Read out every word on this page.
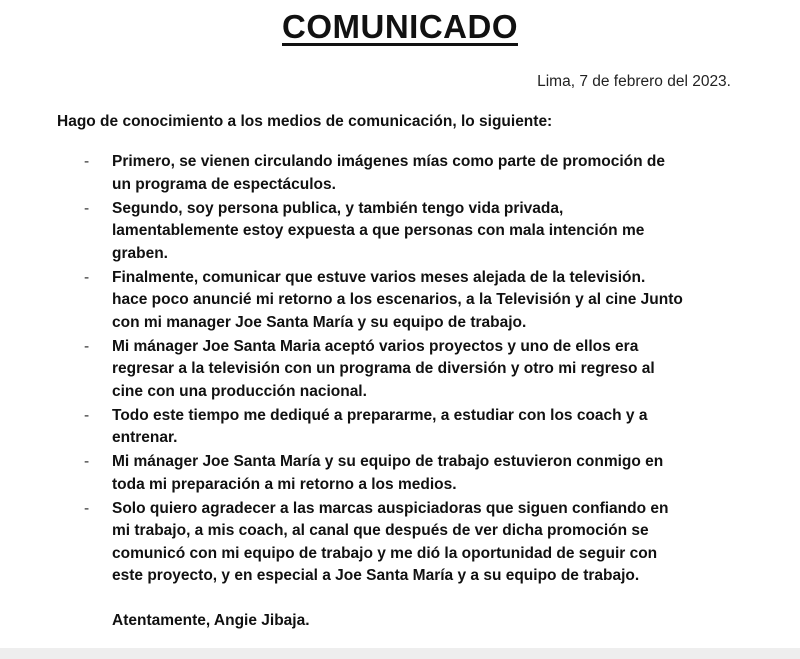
COMUNICADO
Lima, 7 de febrero del 2023.
Hago de conocimiento a los medios de comunicación, lo siguiente:
- Primero, se vienen circulando imágenes mías como parte de promoción de
un programa de espectáculos.
- Segundo, soy persona publica, y también tengo vida privada,
lamentablemente estoy expuesta a que personas con mala intención me
graben.
- Finalmente, comunicar que estuve varios meses alejada de la televisión.
hace poco anuncié mi retorno a los escenarios, a la Televisión y al cine Junto
con mi manager Joe Santa María y su equipo de trabajo.
- Mi mánager Joe Santa Maria aceptó varios proyectos y uno de ellos era
regresar a la televisión con un programa de diversión y otro mi regreso al
cine con una producción nacional.
- Todo este tiempo me dediqué a prepararme, a estudiar con los coach y a
entrenar.
- Mi mánager Joe Santa María y su equipo de trabajo estuvieron conmigo en
toda mi preparación a mi retorno a los medios.
- Solo quiero agradecer a las marcas auspiciadoras que siguen confiando en
mi trabajo, a mis coach, al canal que después de ver dicha promoción se
comunicó con mi equipo de trabajo y me dió la oportunidad de seguir con
este proyecto, y en especial a Joe Santa María y a su equipo de trabajo.
Atentamente, Angie Jibaja.
